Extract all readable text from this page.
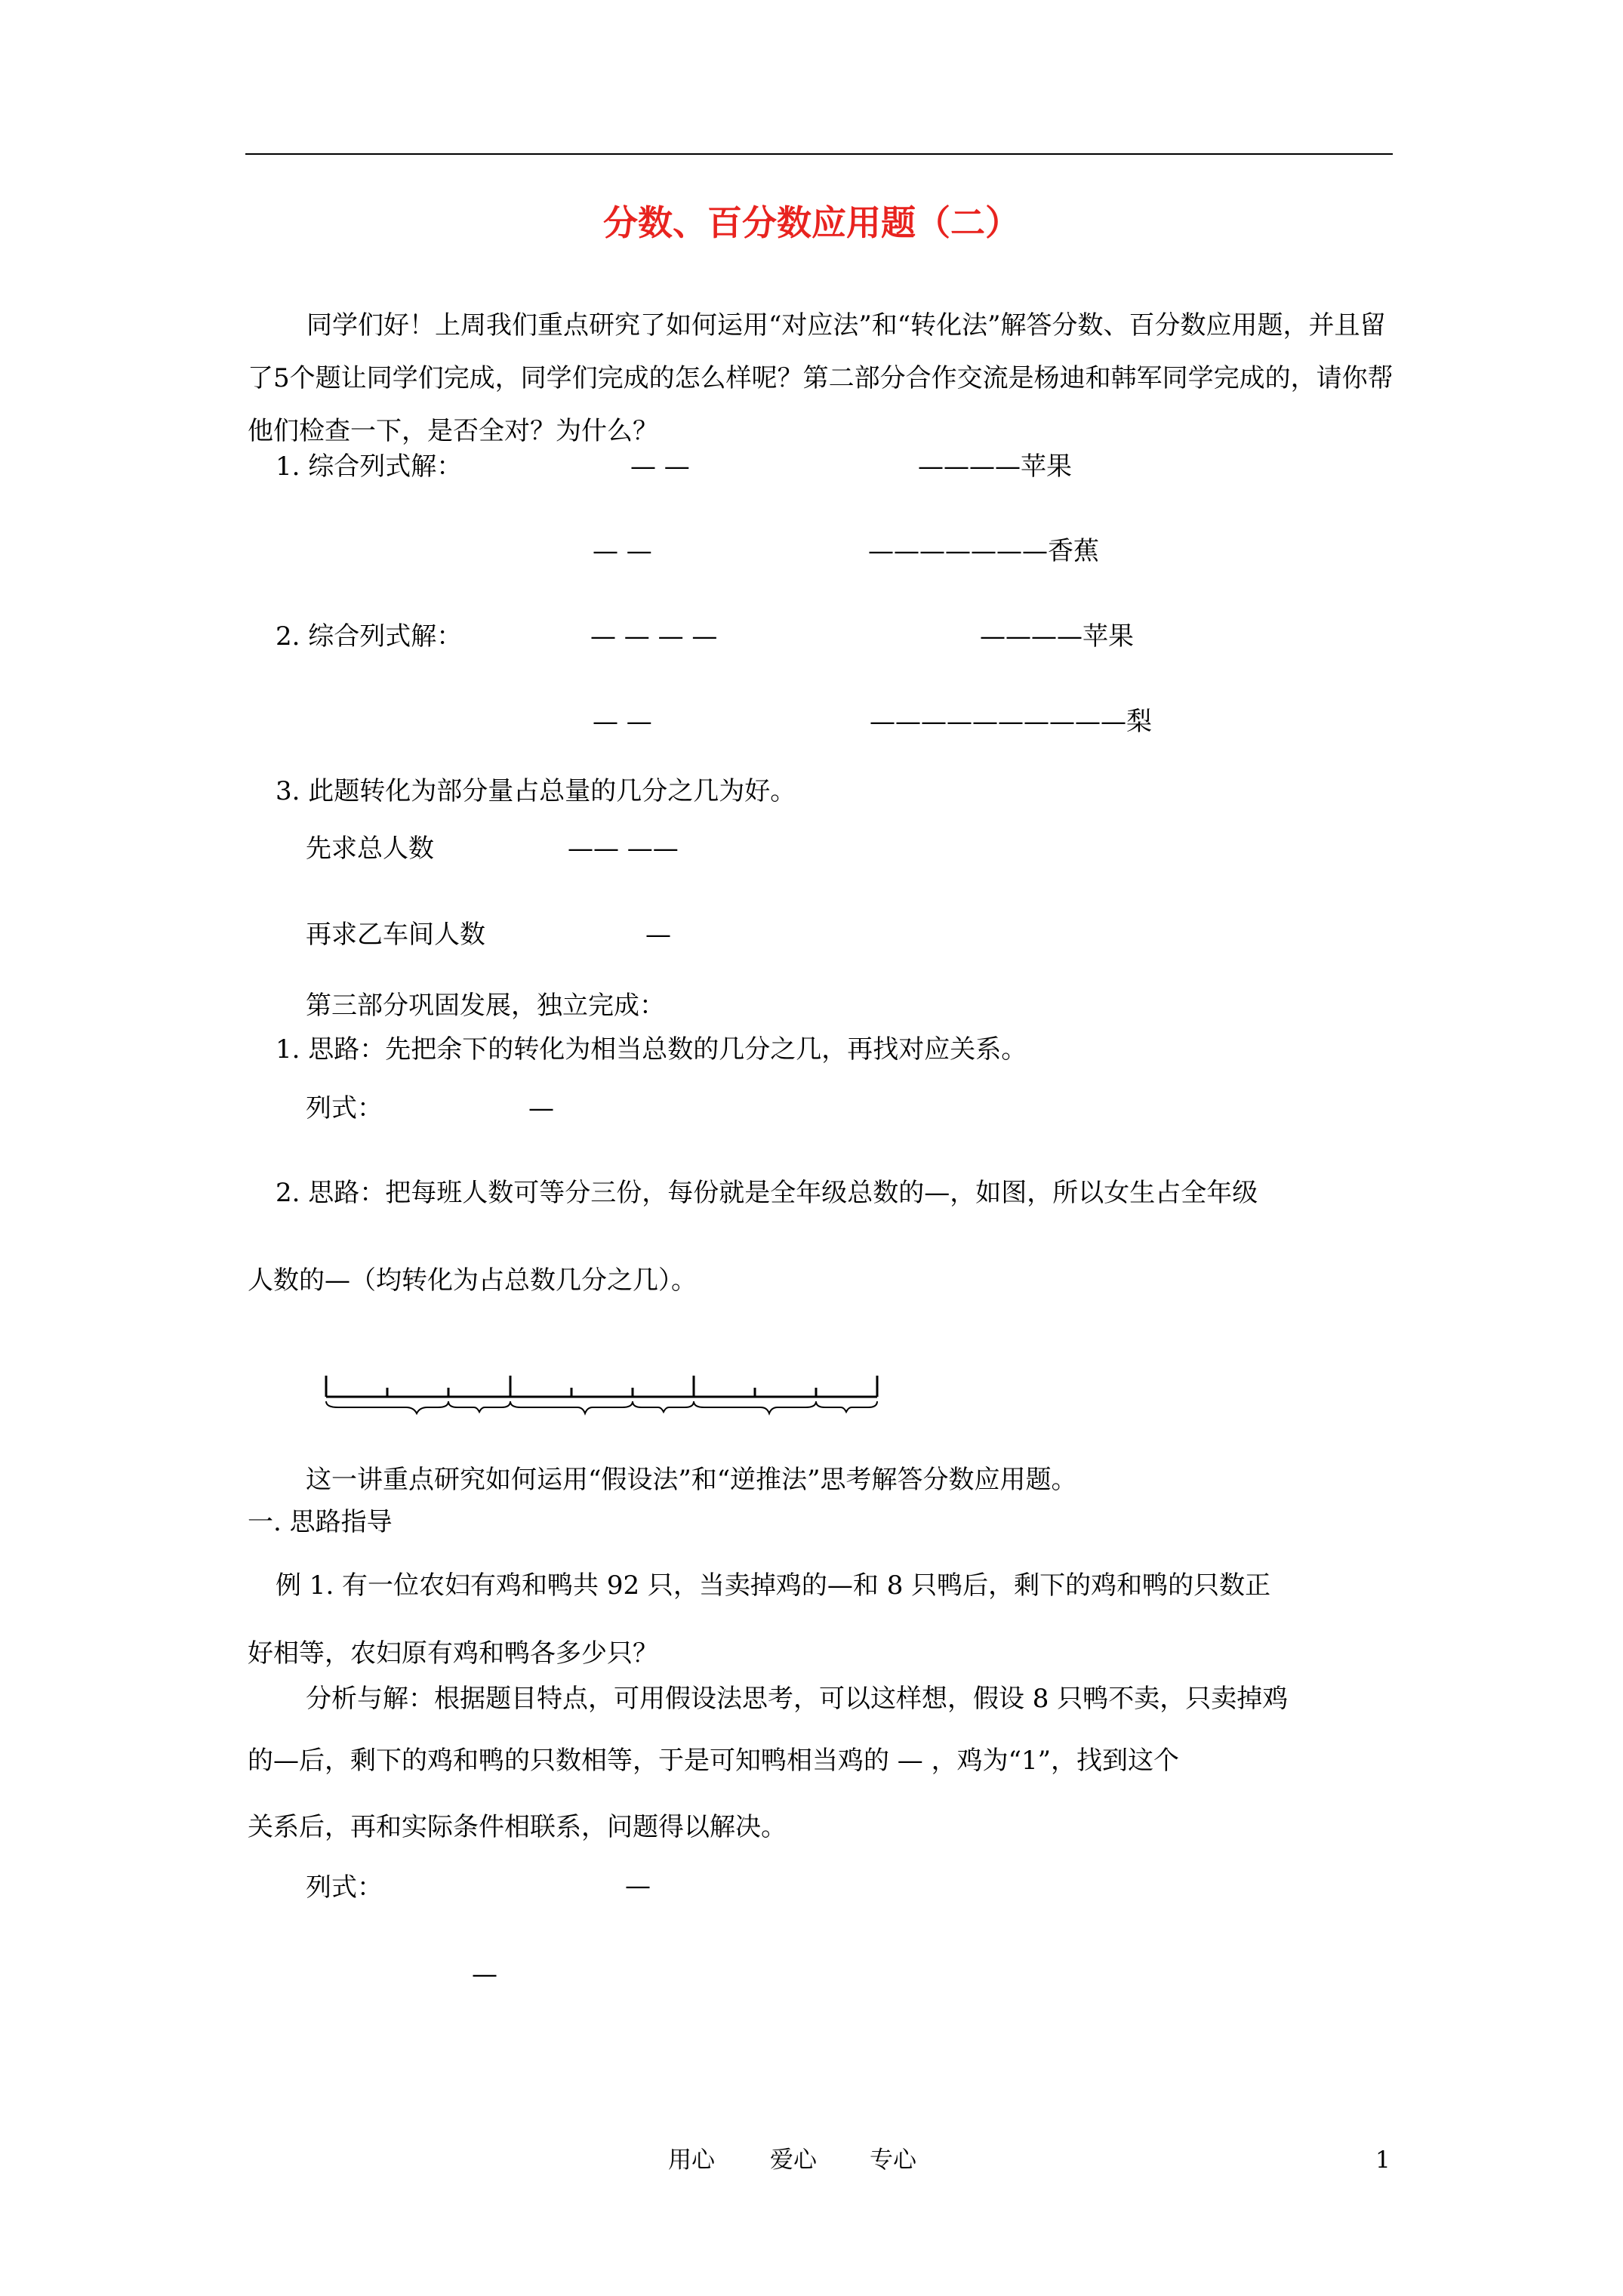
分数、百分数应用题（二）
同学们好！上周我们重点研究了如何运用“对应法”和“转化法”解答分数、百分数应用题，并且留了5个题让同学们完成，同学们完成的怎么样呢？第二部分合作交流是杨迪和韩军同学完成的，请你帮他们检查一下，是否全对？为什么？
1. 综合列式解：	— —	————苹果
— —	———————香蕉
2. 综合列式解：	— — — —	————苹果
— —	——————————梨
3. 此题转化为部分量占总量的几分之几为好。
先求总人数	—— ——
再求乙车间人数	—
第三部分巩固发展，独立完成：
1. 思路：先把余下的转化为相当总数的几分之几，再找对应关系。
列式：	—
2. 思路：把每班人数可等分三份，每份就是全年级总数的—，如图，所以女生占全年级
人数的—（均转化为占总数几分之几）。
这一讲重点研究如何运用“假设法”和“逆推法”思考解答分数应用题。
一. 思路指导
例 1. 有一位农妇有鸡和鸭共 92 只，当卖掉鸡的—和 8 只鸭后，剩下的鸡和鸭的只数正
好相等，农妇原有鸡和鸭各多少只？
分析与解：根据题目特点，可用假设法思考，可以这样想，假设 8 只鸭不卖，只卖掉鸡
的—后，剩下的鸡和鸭的只数相等，于是可知鸭相当鸡的 — ，鸡为“1”，找到这个
关系后，再和实际条件相联系，问题得以解决。
列式：	—
—
用心 爱心 专心	1
